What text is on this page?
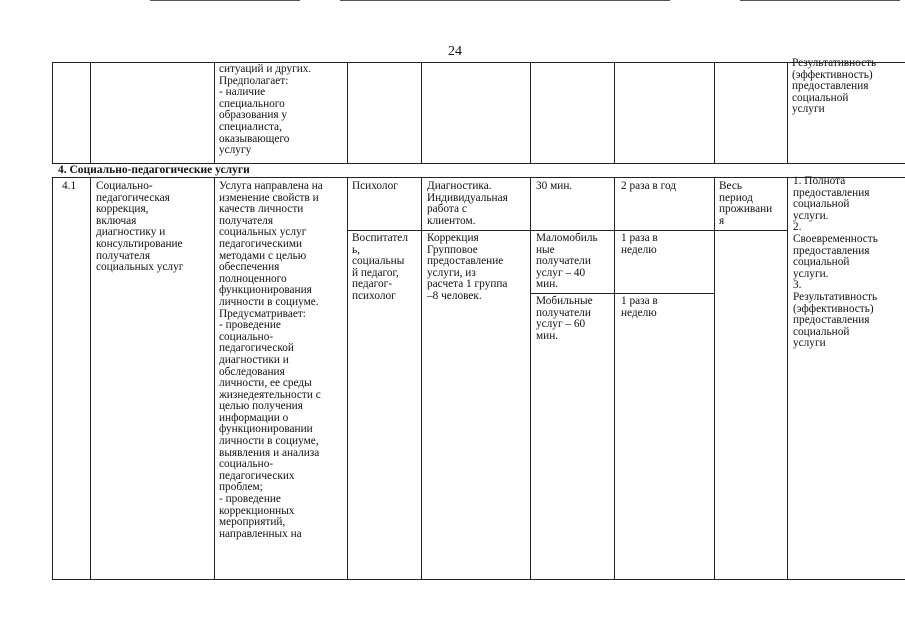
24
ситуаций и других.
Предполагает:
- наличие
специального
образования у
специалиста,
оказывающего
услугу
Результативность
(эффективность)
предоставления
социальной
услуги
4. Социально-педагогические услуги
4.1 Социально-
педагогическая
коррекция,
включая
диагностику и
консультирование
получателя
социальных услуг
Услуга направлена на
изменение свойств и
качеств личности
получателя
социальных услуг
педагогическими
методами с целью
обеспечения
полноценного
функционирования
личности в социуме.
Предусматривает:
- проведение
социально-
педагогической
диагностики и
обследования
личности, ее среды
жизнедеятельности с
целью получения
информации о
функционировании
личности в социуме,
выявления и анализа
социально-
педагогических
проблем;
- проведение
коррекционных
мероприятий,
направленных на
Психолог
Воспитател
ь,
социальны
й педагог,
педагог-
психолог
Диагностика.
Индивидуальная
работа с
клиентом.
Коррекция
Групповое
предоставление
услуги, из
расчета 1 группа
–8 человек.
30 мин.
Маломобиль
ные
получатели
услуг – 40
мин.
Мобильные
получатели
услуг – 60
мин.
2 раза в год
1 раза в
неделю
1 раза в
неделю
Весь
период
проживани
я
1. Полнота
предоставления
социальной
услуги.
2.
Своевременность
предоставления
социальной
услуги.
3.
Результативность
(эффективность)
предоставления
социальной
услуги
